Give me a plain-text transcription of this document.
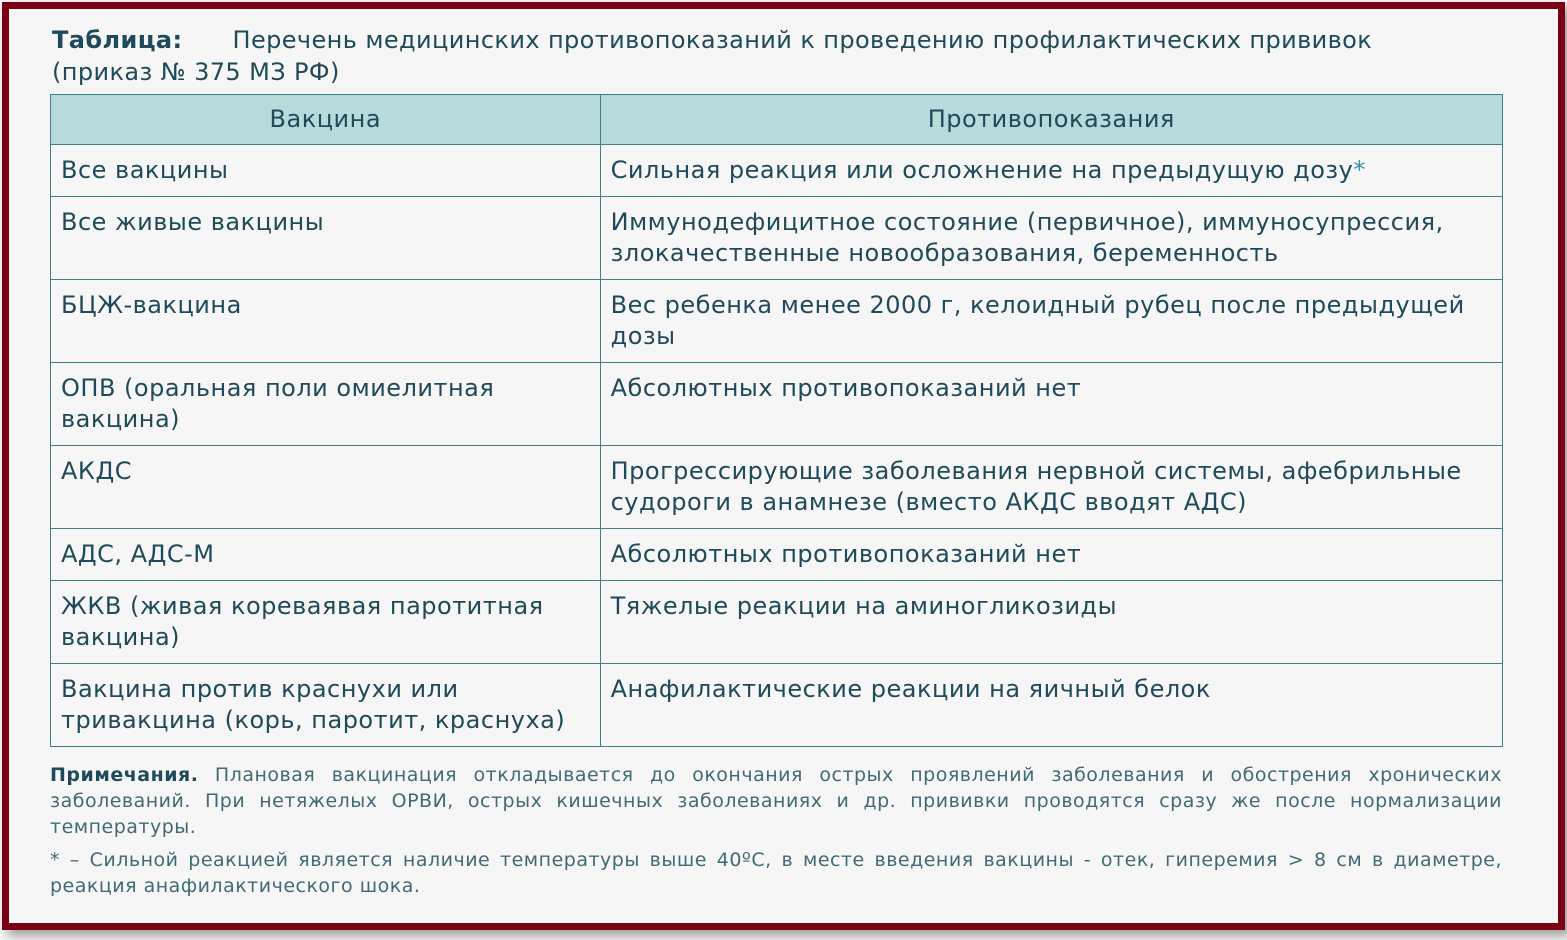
Таблица: Перечень медицинских противопоказаний к проведению профилактических прививок (приказ № 375 МЗ РФ)
Вакцина	Противопоказания
Все вакцины	Сильная реакция или осложнение на предыдущую дозу*
Все живые вакцины	Иммунодефицитное состояние (первичное), иммуносупрессия, злокачественные новообразования, беременность
БЦЖ-вакцина	Вес ребенка менее 2000 г, келоидный рубец после предыдущей дозы
ОПВ (оральная поли омиелитная вакцина)	Абсолютных противопоказаний нет
АКДС	Прогрессирующие заболевания нервной системы, афебрильные судороги в анамнезе (вместо АКДС вводят АДС)
АДС, АДС-М	Абсолютных противопоказаний нет
ЖКВ (живая кореваявая паротитная вакцина)	Тяжелые реакции на аминогликозиды
Вакцина против краснухи или тривакцина (корь, паротит, краснуха)	Анафилактические реакции на яичный белок

Примечания. Плановая вакцинация откладывается до окончания острых проявлений заболевания и обострения хронических заболеваний. При нетяжелых ОРВИ, острых кишечных заболеваниях и др. прививки проводятся сразу же после нормализации температуры.

* – Сильной реакцией является наличие температуры выше 40ºС, в месте введения вакцины - отек, гиперемия > 8 см в диаметре, реакция анафилактического шока.
